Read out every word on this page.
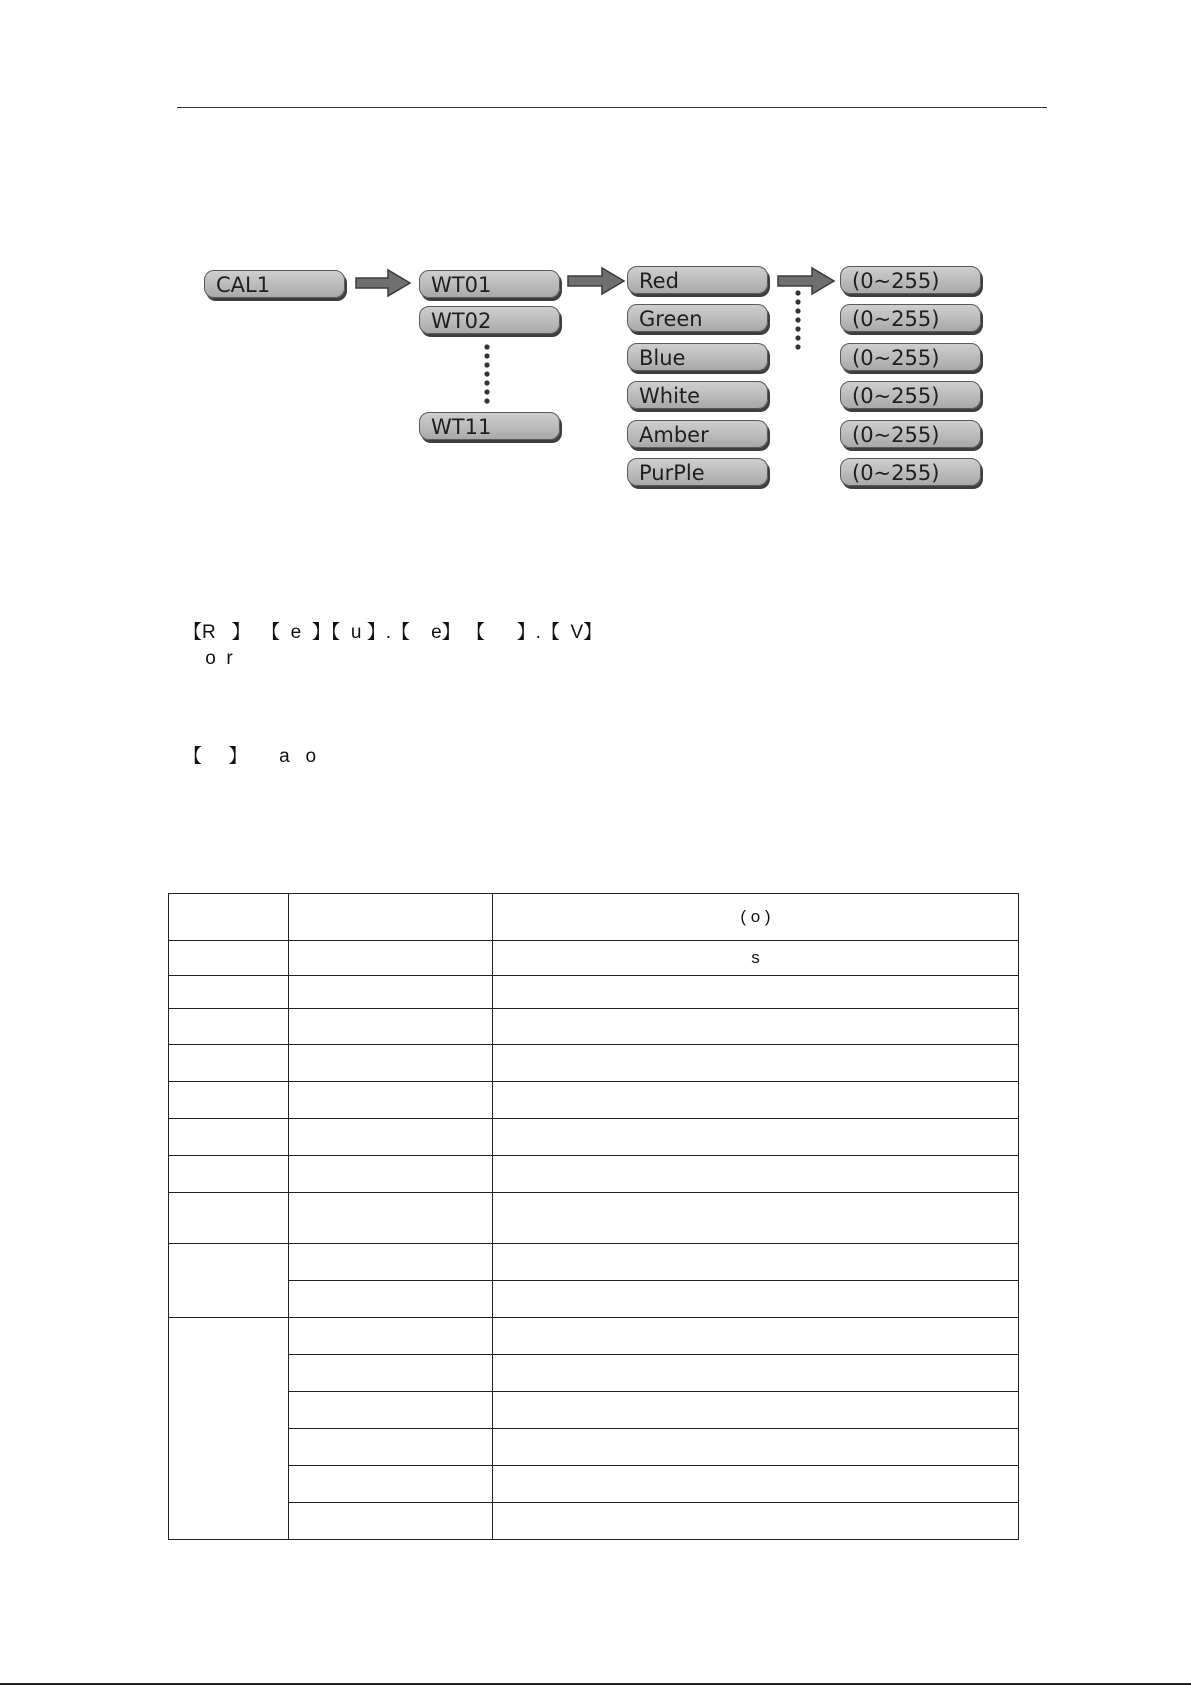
CAL1	WT01
WT02
WT11
Red
Green
Blue
White
Amber
PurPle
(0~255)
(0~255)
(0~255)
(0~255)
(0~255)
(0~255)
【R   】  【  e  】【  u 】.【    e】 【      】.【  V】
o  r
【     】      a   o
		( o )
		s
